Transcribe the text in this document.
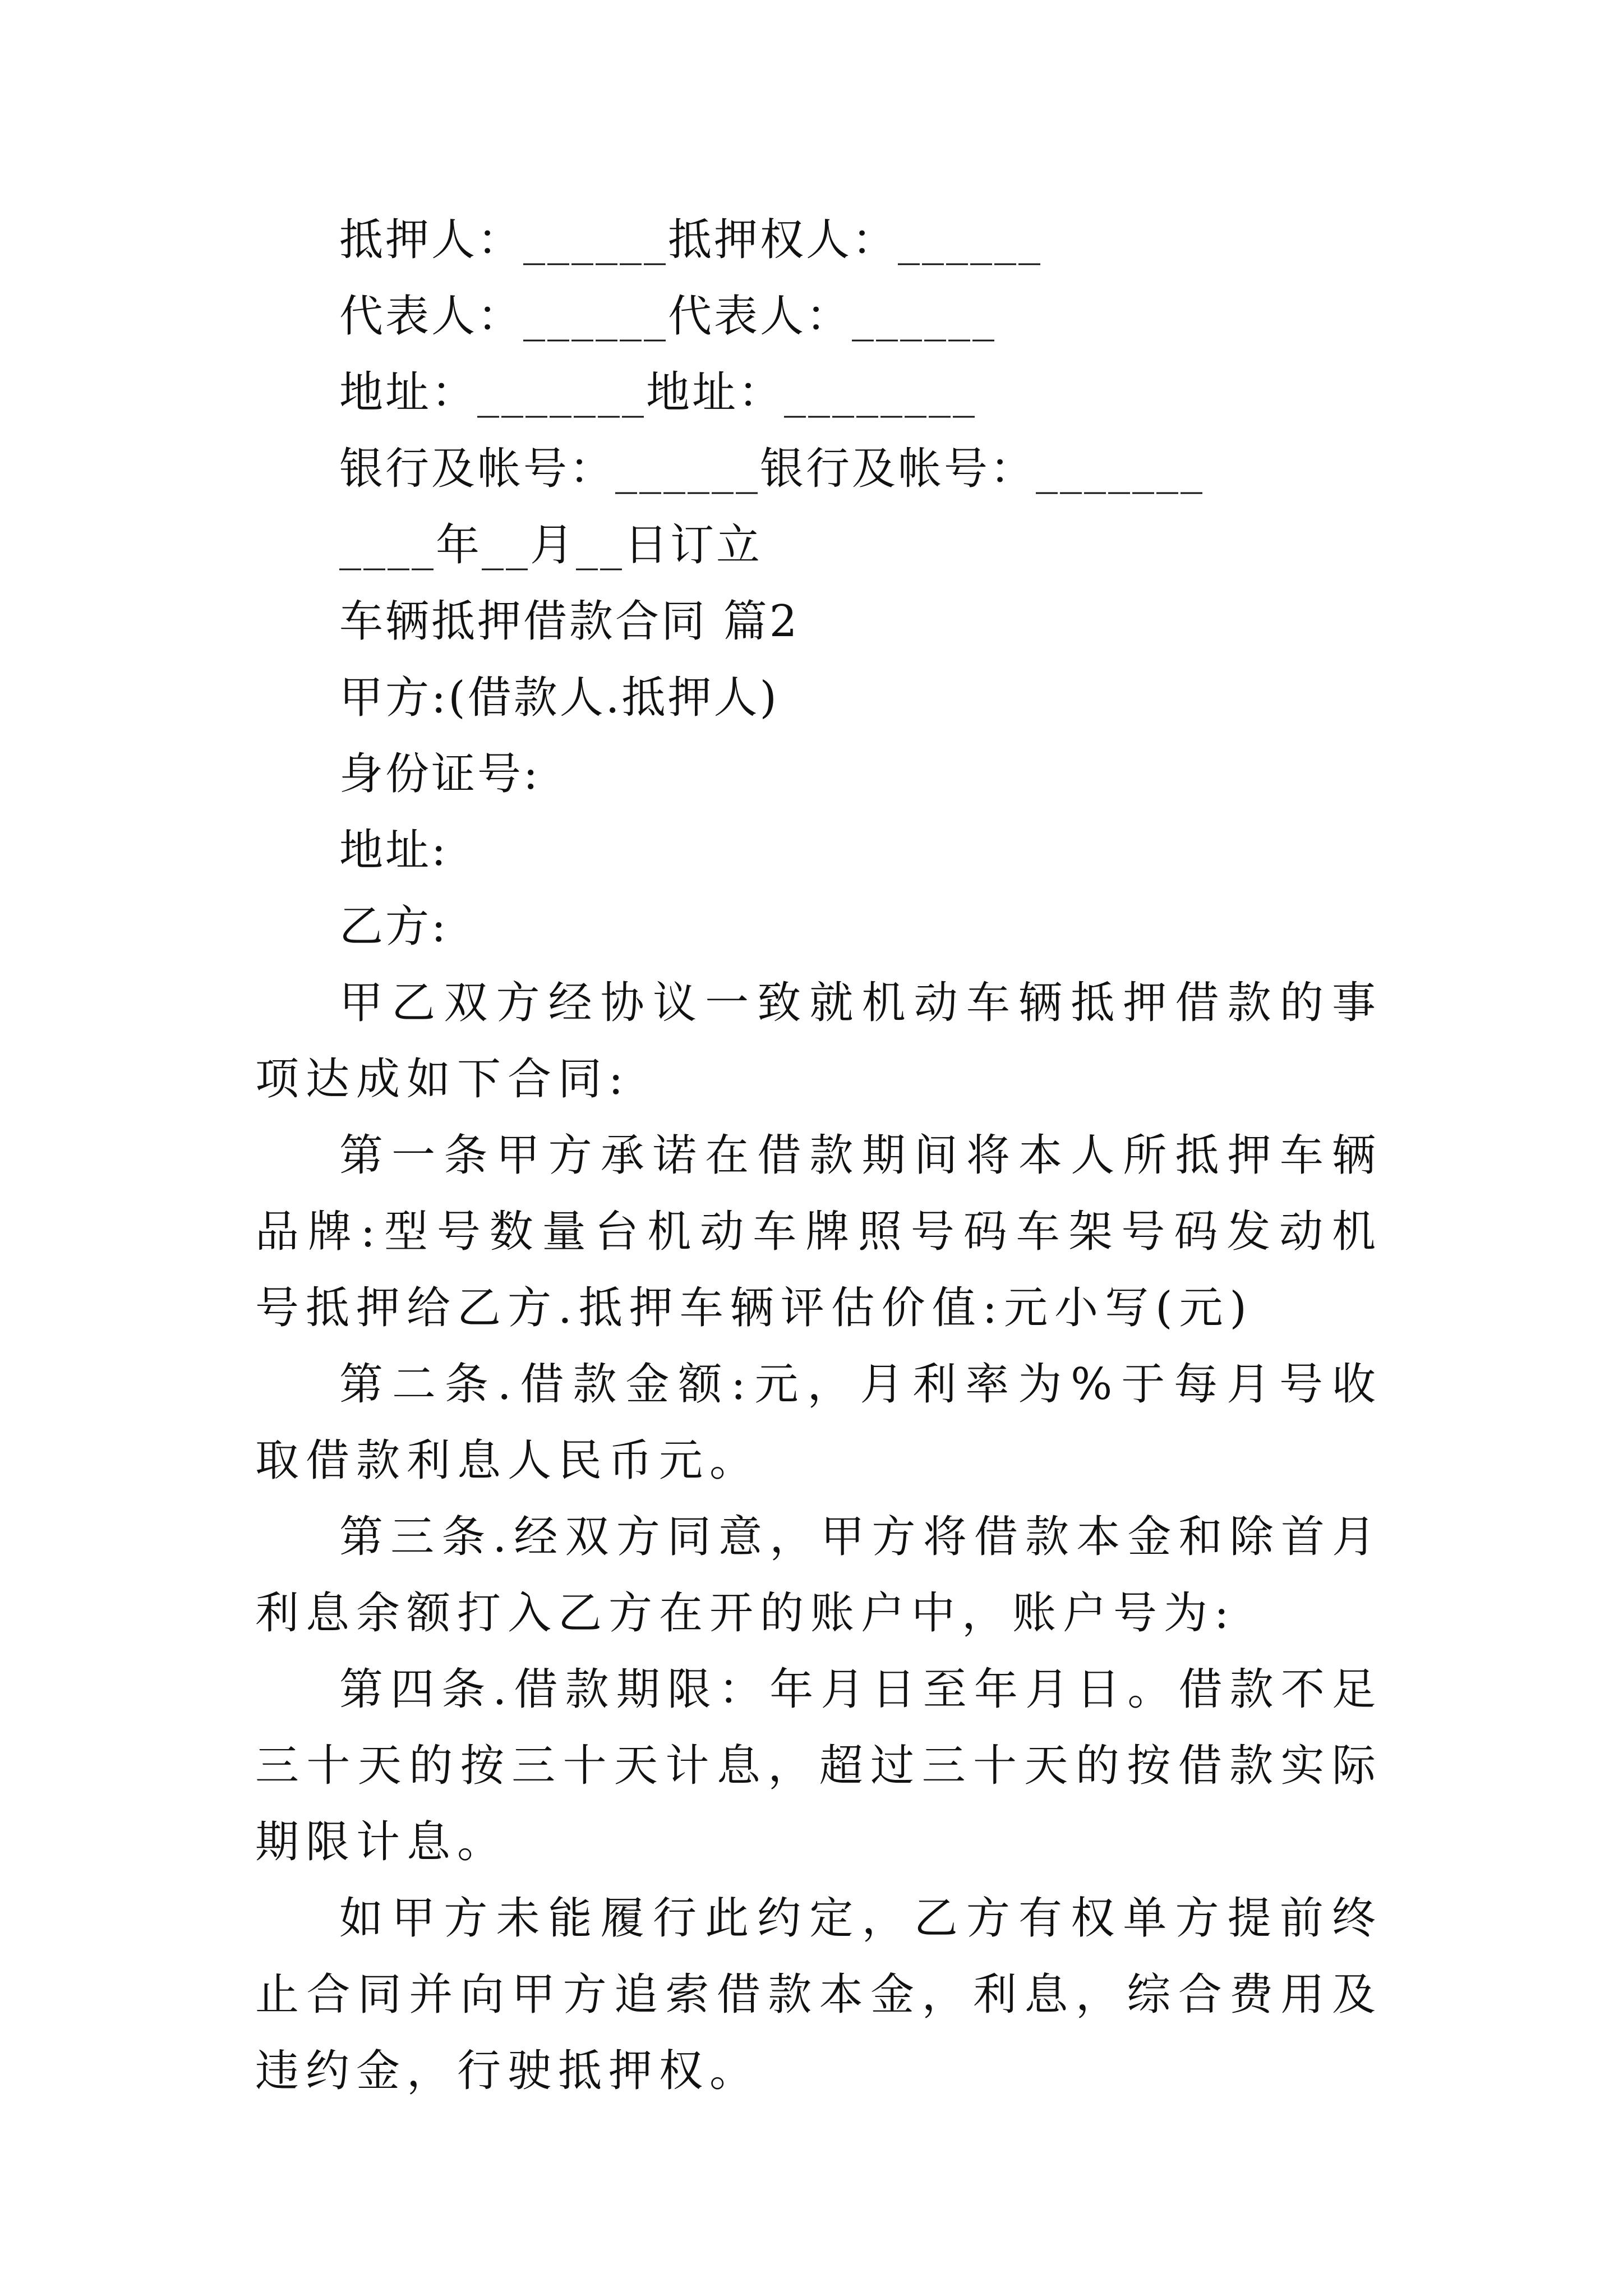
抵押人：______抵押权人：______

代表人：______代表人：______

地址：_______地址：________

银行及帐号：______银行及帐号：_______

____年__月__日订立

车辆抵押借款合同 篇2

甲方:(借款人.抵押人)

身份证号:

地址:

乙方:

甲乙双方经协议一致就机动车辆抵押借款的事项达成如下合同:

第一条甲方承诺在借款期间将本人所抵押车辆品牌:型号数量台机动车牌照号码车架号码发动机号抵押给乙方.抵押车辆评估价值:元小写(元)

第二条.借款金额:元，月利率为%于每月号收取借款利息人民币元。

第三条.经双方同意，甲方将借款本金和除首月利息余额打入乙方在开的账户中，账户号为:

第四条.借款期限：年月日至年月日。借款不足三十天的按三十天计息，超过三十天的按借款实际期限计息。

如甲方未能履行此约定，乙方有权单方提前终止合同并向甲方追索借款本金，利息，综合费用及违约金，行驶抵押权。
